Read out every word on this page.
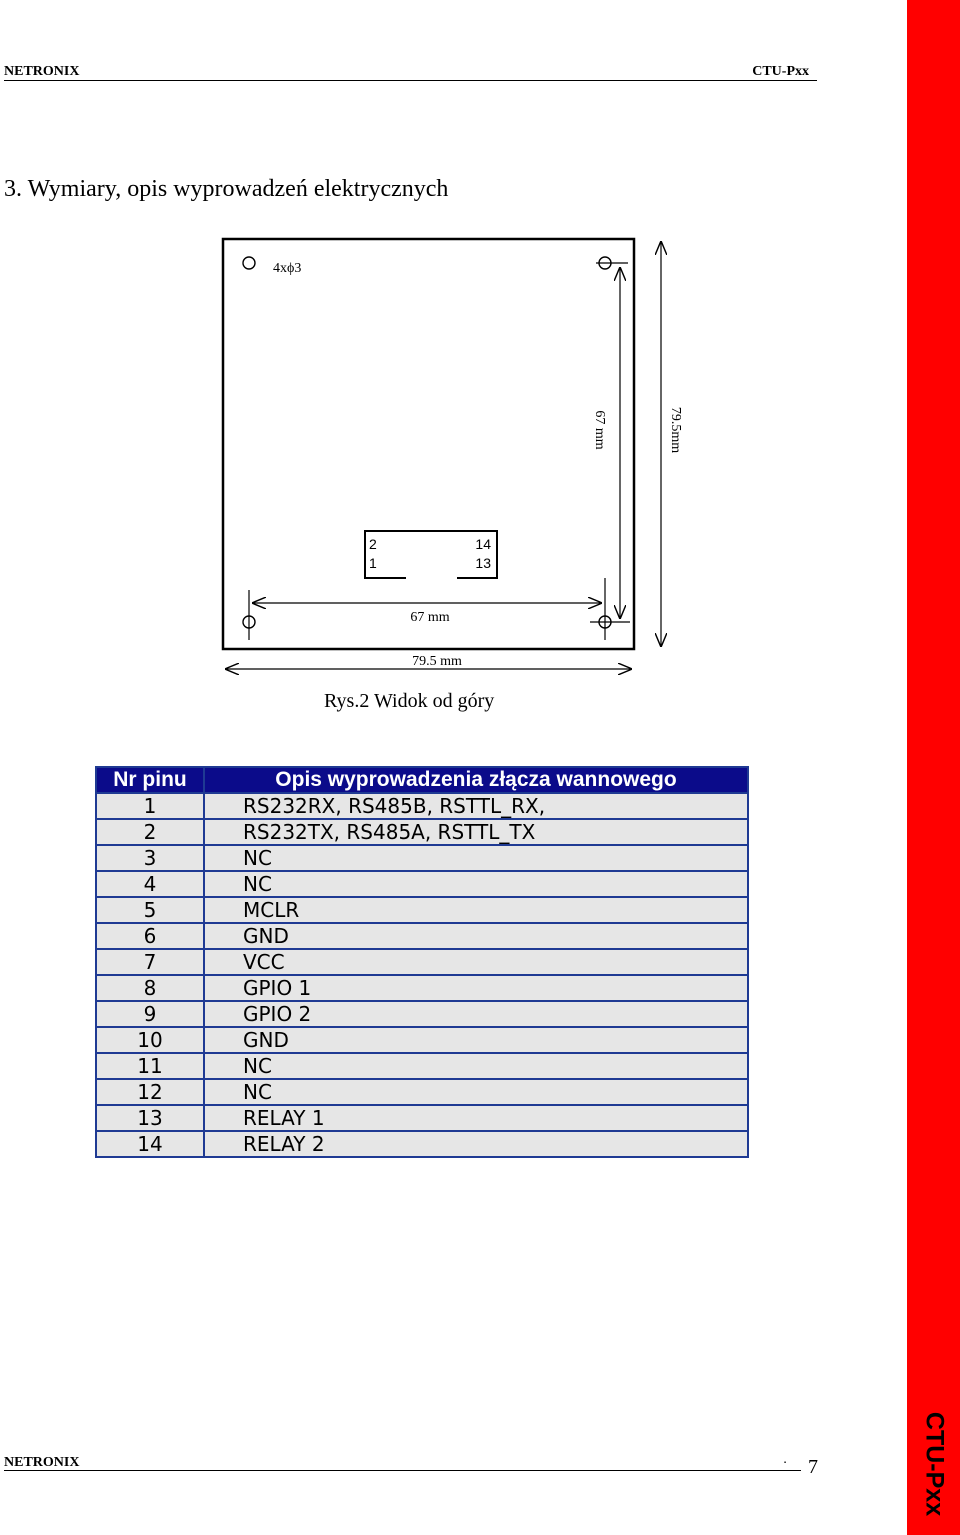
NETRONIX	CTU-Pxx
3. Wymiary, opis wyprowadzeń elektrycznych
4xϕ3
67 mm	79.5mm
2
1
14
13
67 mm
79.5 mm
Rys.2 Widok od góry
Nr pinu	Opis wyprowadzenia złącza wannowego
1	RS232RX, RS485B, RSTTL_RX,
2	RS232TX, RS485A, RSTTL_TX
3	NC
4	NC
5	MCLR
6	GND
7	VCC
8	GPIO 1
9	GPIO 2
10	GND
11	NC
12	NC
13	RELAY 1
14	RELAY 2
NETRONIX	. 7	CTU-Pxx
